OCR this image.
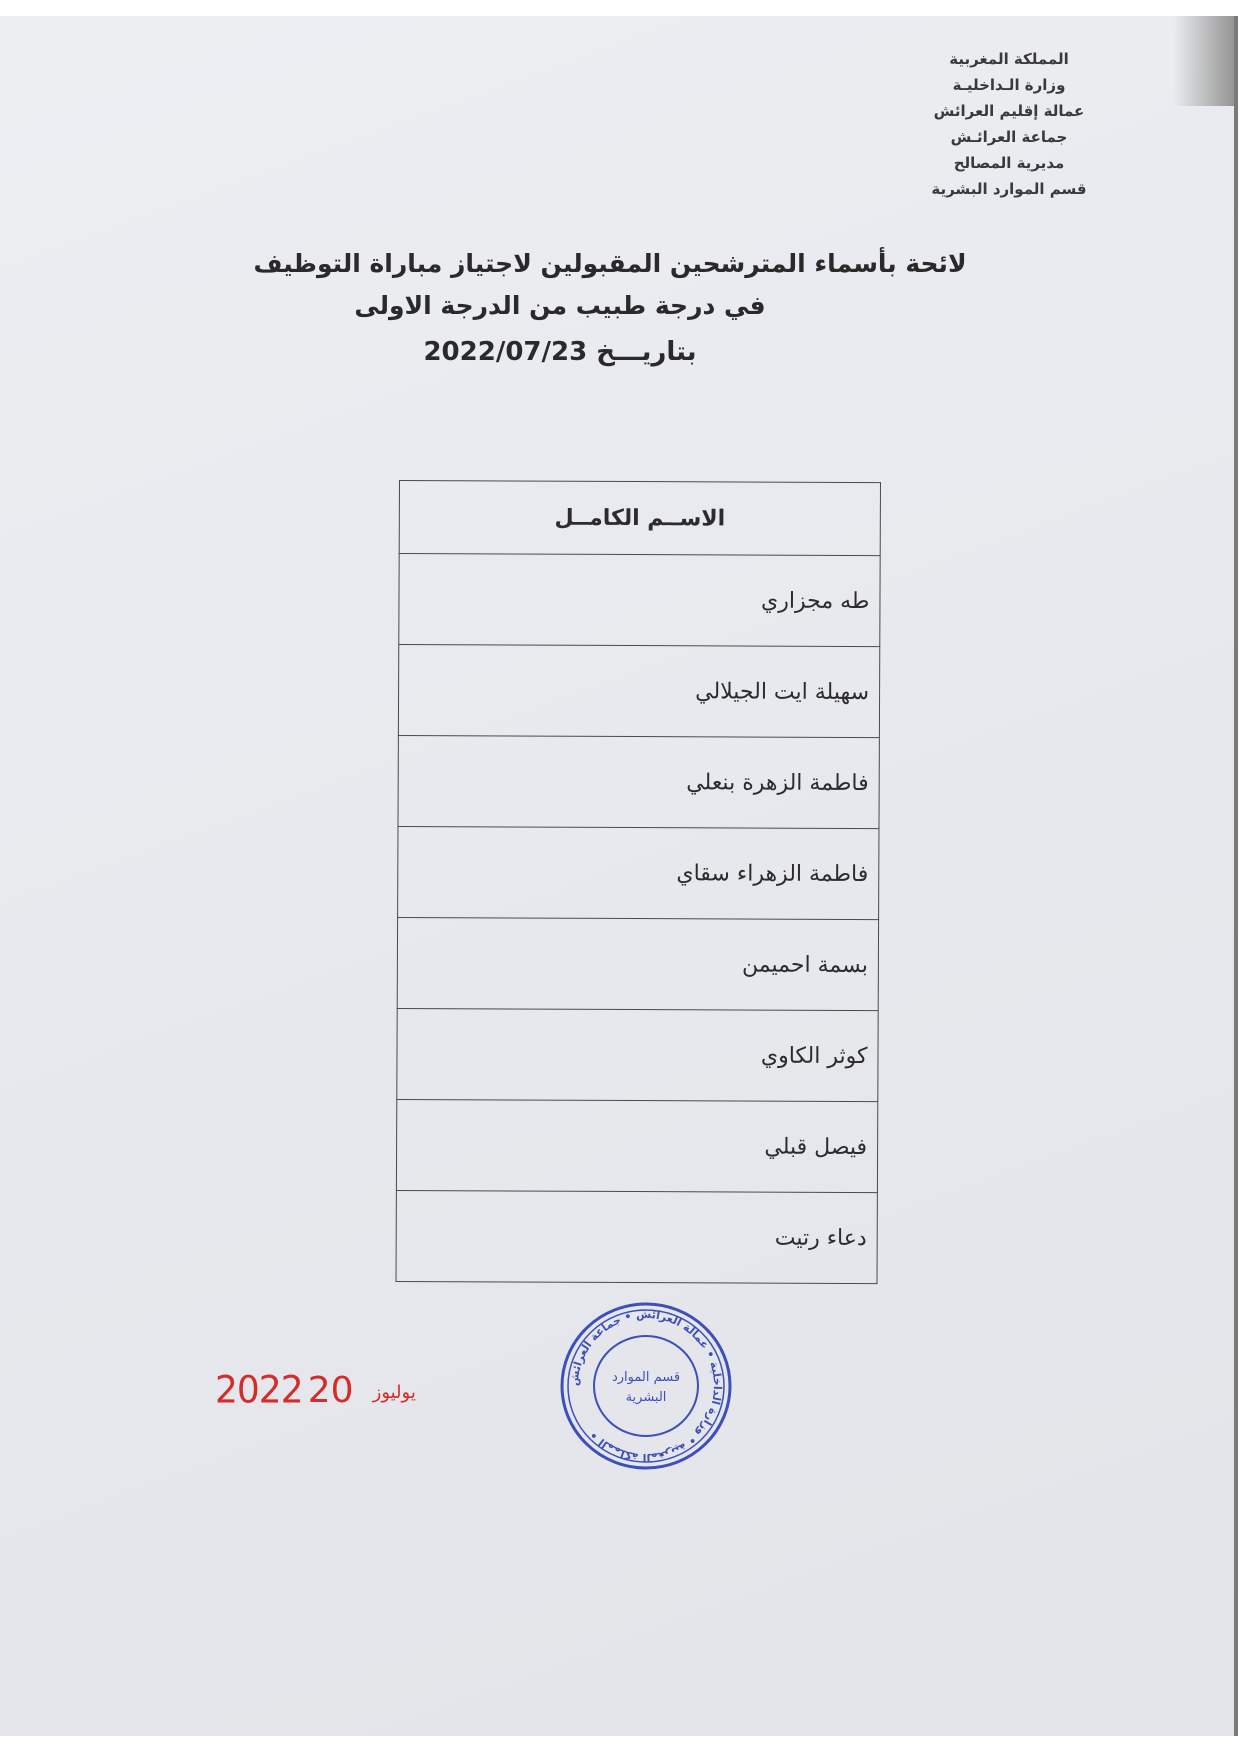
المملكة المغربية
وزارة الـداخليـة
عمالة إقليم العرائش
جماعة العرائـش
مديرية المصالح
قسم الموارد البشرية
لائحة بأسماء المترشحين المقبولين لاجتياز مباراة التوظيف
في درجة طبيب من الدرجة الاولى
بتاريـــخ 2022/07/23
الاســم الكامــل
طه مجزاري
سهيلة ايت الجيلالي
فاطمة الزهرة بنعلي
فاطمة الزهراء سقاي
بسمة احميمن
كوثر الكاوي
فيصل قبلي
دعاء رتيت
2022	يوليوز 20	المملكة المغربية • وزارة الداخلية • عمالة العرائش • جماعة العرائش •
قسم الموارد
البشرية
